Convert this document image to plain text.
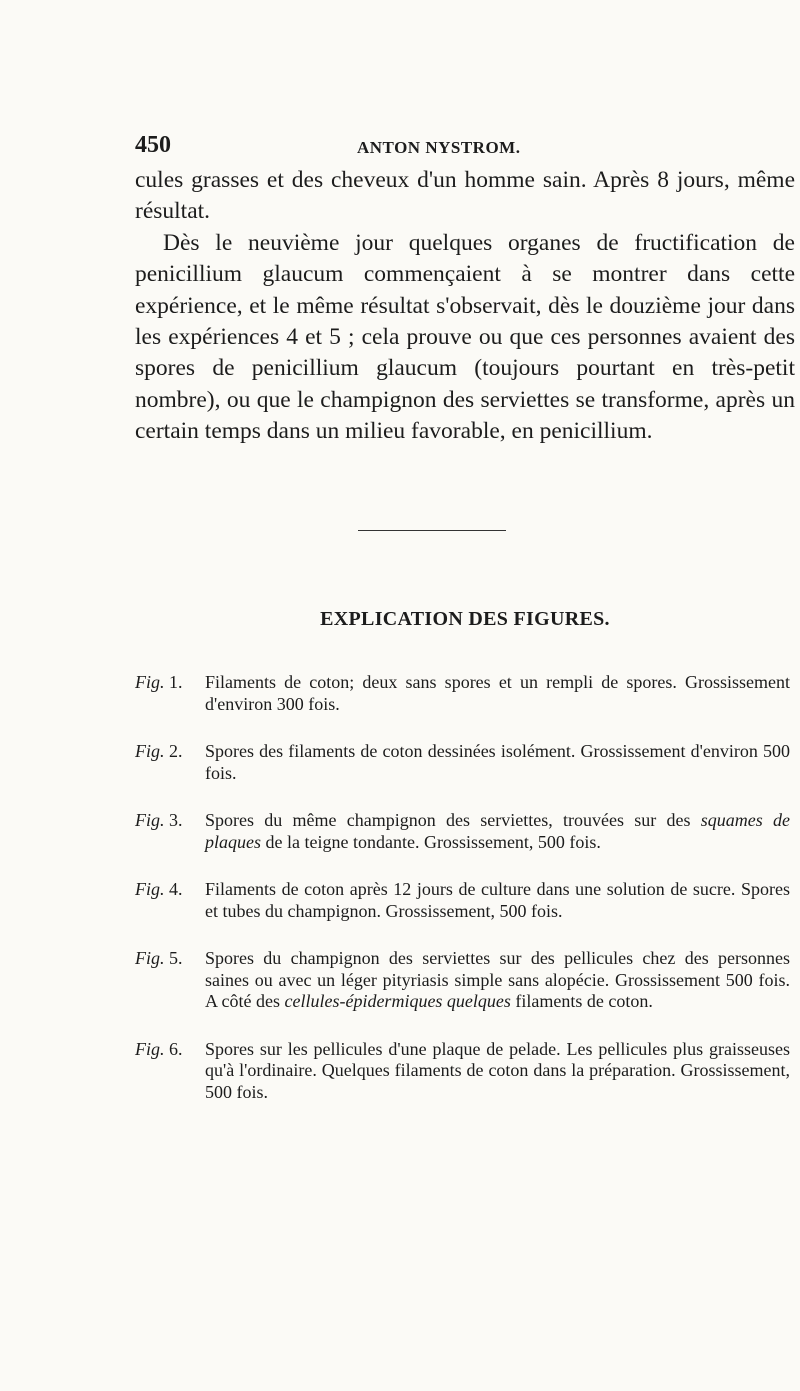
450	ANTON NYSTROM.

cules grasses et des cheveux d'un homme sain. Après 8 jours, même résultat.

Dès le neuvième jour quelques organes de fructification de penicillium glaucum commençaient à se montrer dans cette expérience, et le même résultat s'observait, dès le douzième jour dans les expériences 4 et 5 ; cela prouve ou que ces personnes avaient des spores de penicillium glaucum (toujours pourtant en très-petit nombre), ou que le champignon des serviettes se transforme, après un certain temps dans un milieu favorable, en penicillium.

EXPLICATION DES FIGURES.
Fig. 1.	Filaments de coton; deux sans spores et un rempli de spores. Grossissement d'environ 300 fois.
Fig. 2.	Spores des filaments de coton dessinées isolément. Grossissement d'environ 500 fois.
Fig. 3.	Spores du même champignon des serviettes, trouvées sur des squames de plaques de la teigne tondante. Grossissement, 500 fois.
Fig. 4.	Filaments de coton après 12 jours de culture dans une solution de sucre. Spores et tubes du champignon. Grossissement, 500 fois.
Fig. 5.	Spores du champignon des serviettes sur des pellicules chez des personnes saines ou avec un léger pityriasis simple sans alopécie. Grossissement 500 fois. A côté des cellules-épidermiques quelques filaments de coton.
Fig. 6.	Spores sur les pellicules d'une plaque de pelade. Les pellicules plus graisseuses qu'à l'ordinaire. Quelques filaments de coton dans la préparation. Grossissement, 500 fois.
